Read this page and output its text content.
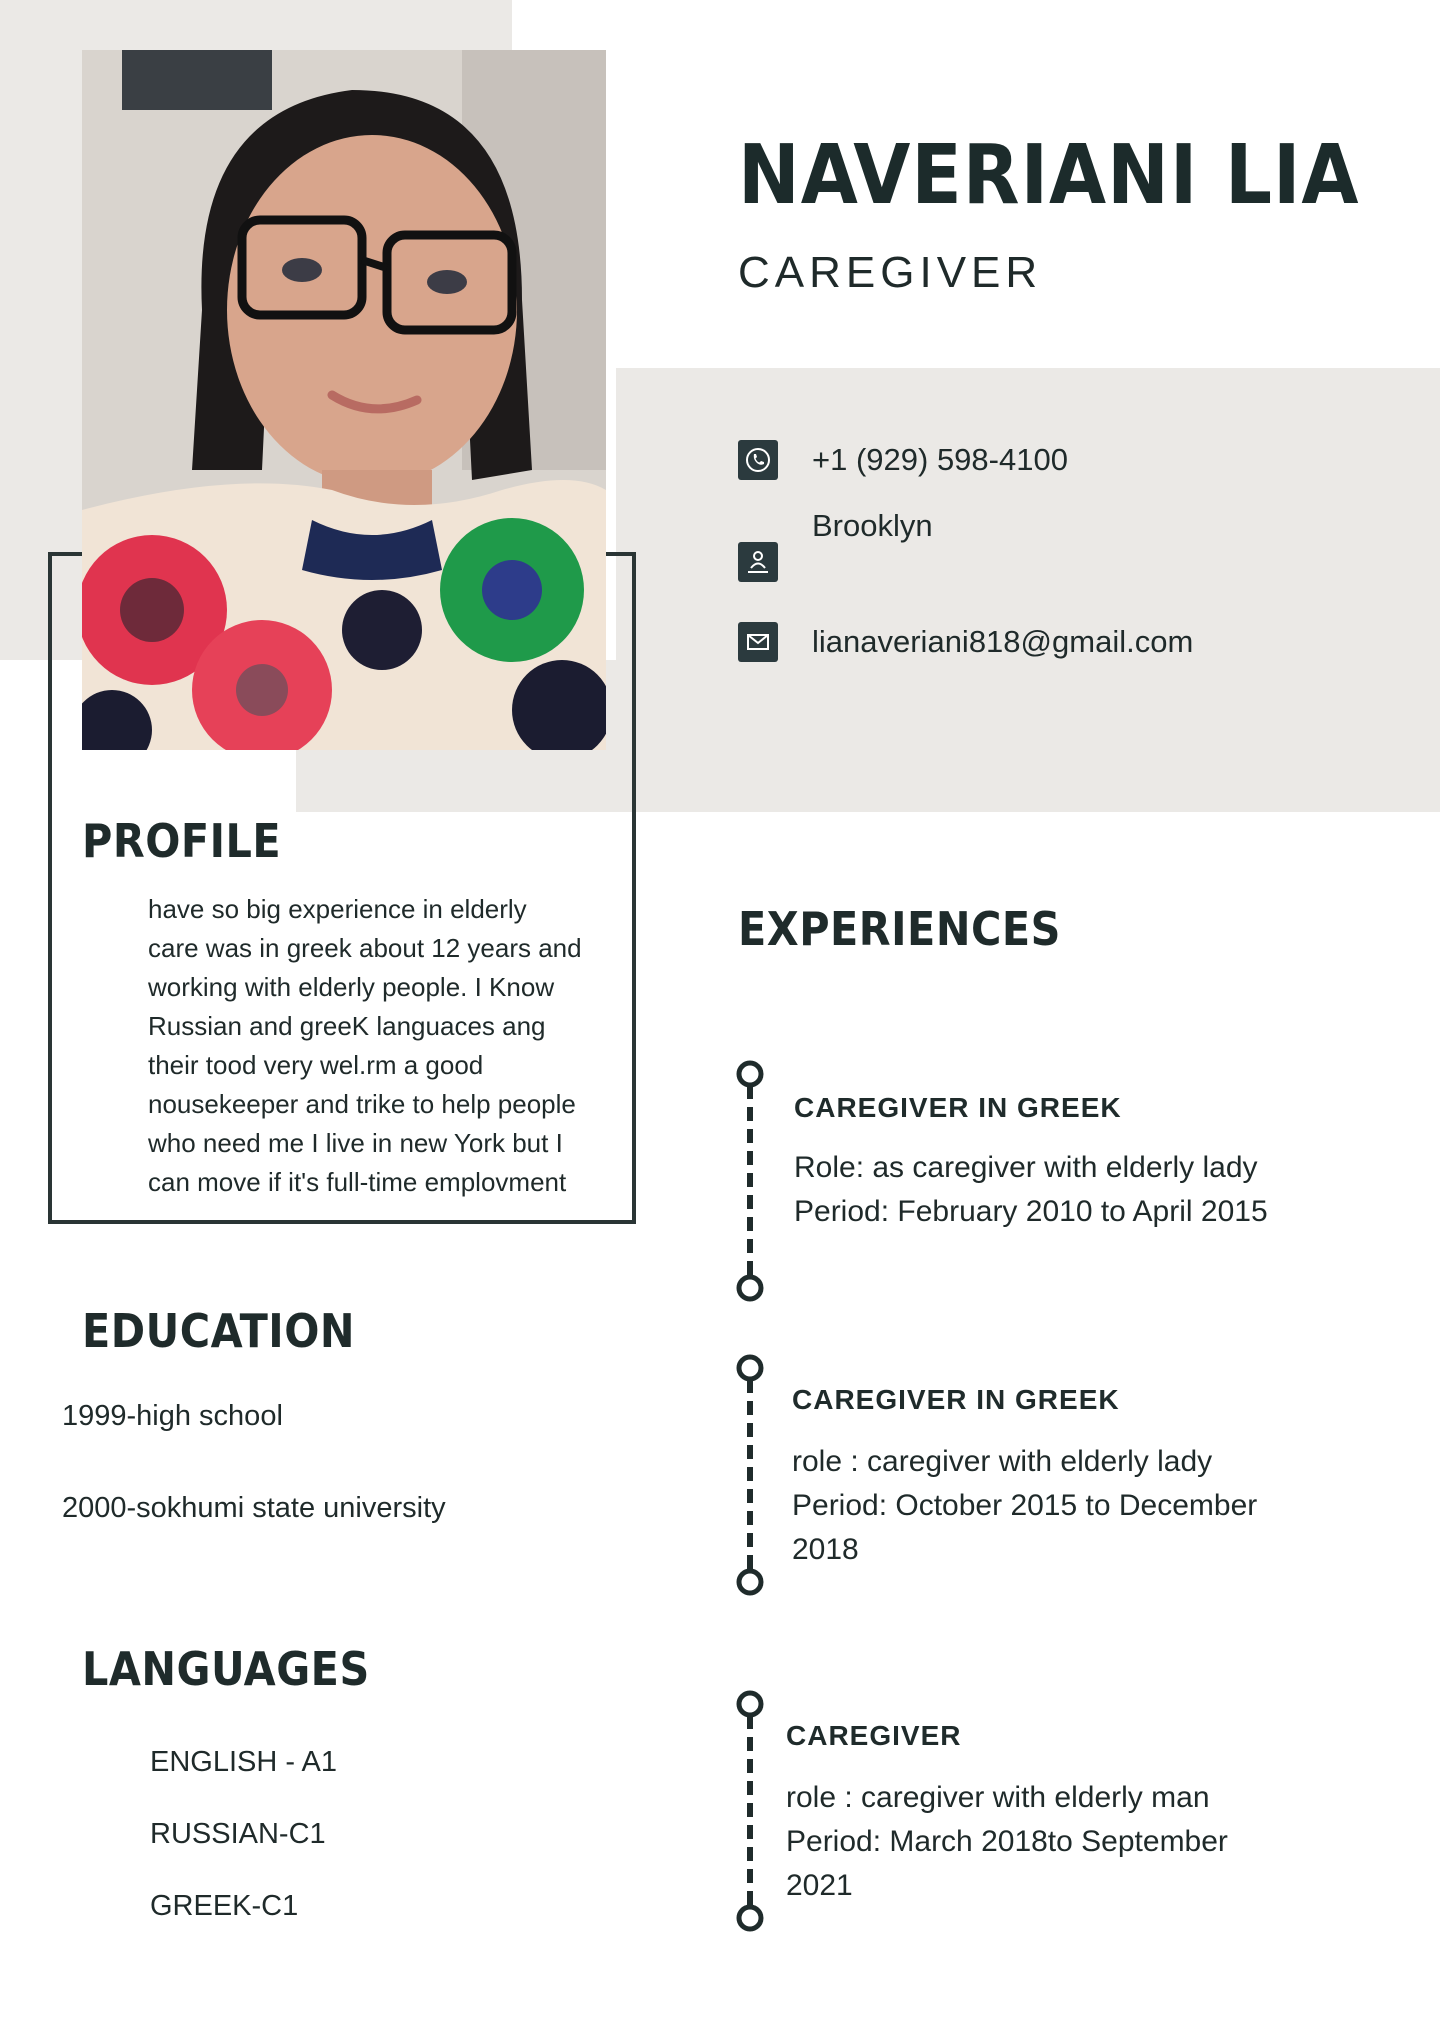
NAVERIANI LIA
CAREGIVER
+1 (929) 598-4100
Brooklyn
lianaveriani818@gmail.com
PROFILE
have so big experience in elderly
care was in greek about 12 years and
working with elderly people. I Know
Russian and greeK languaces ang
their tood very wel.rm a good
nousekeeper and trike to help people
who need me I live in new York but I
can move if it's full-time emplovment
EDUCATION
1999-high school
2000-sokhumi state university
LANGUAGES
ENGLISH - A1
RUSSIAN-C1
GREEK-C1
EXPERIENCES
CAREGIVER IN GREEK
Role: as caregiver with elderly lady
Period: February 2010 to April 2015
CAREGIVER IN GREEK
role : caregiver with elderly lady
Period: October 2015 to December
2018
CAREGIVER
role : caregiver with elderly man
Period: March 2018to September
2021
